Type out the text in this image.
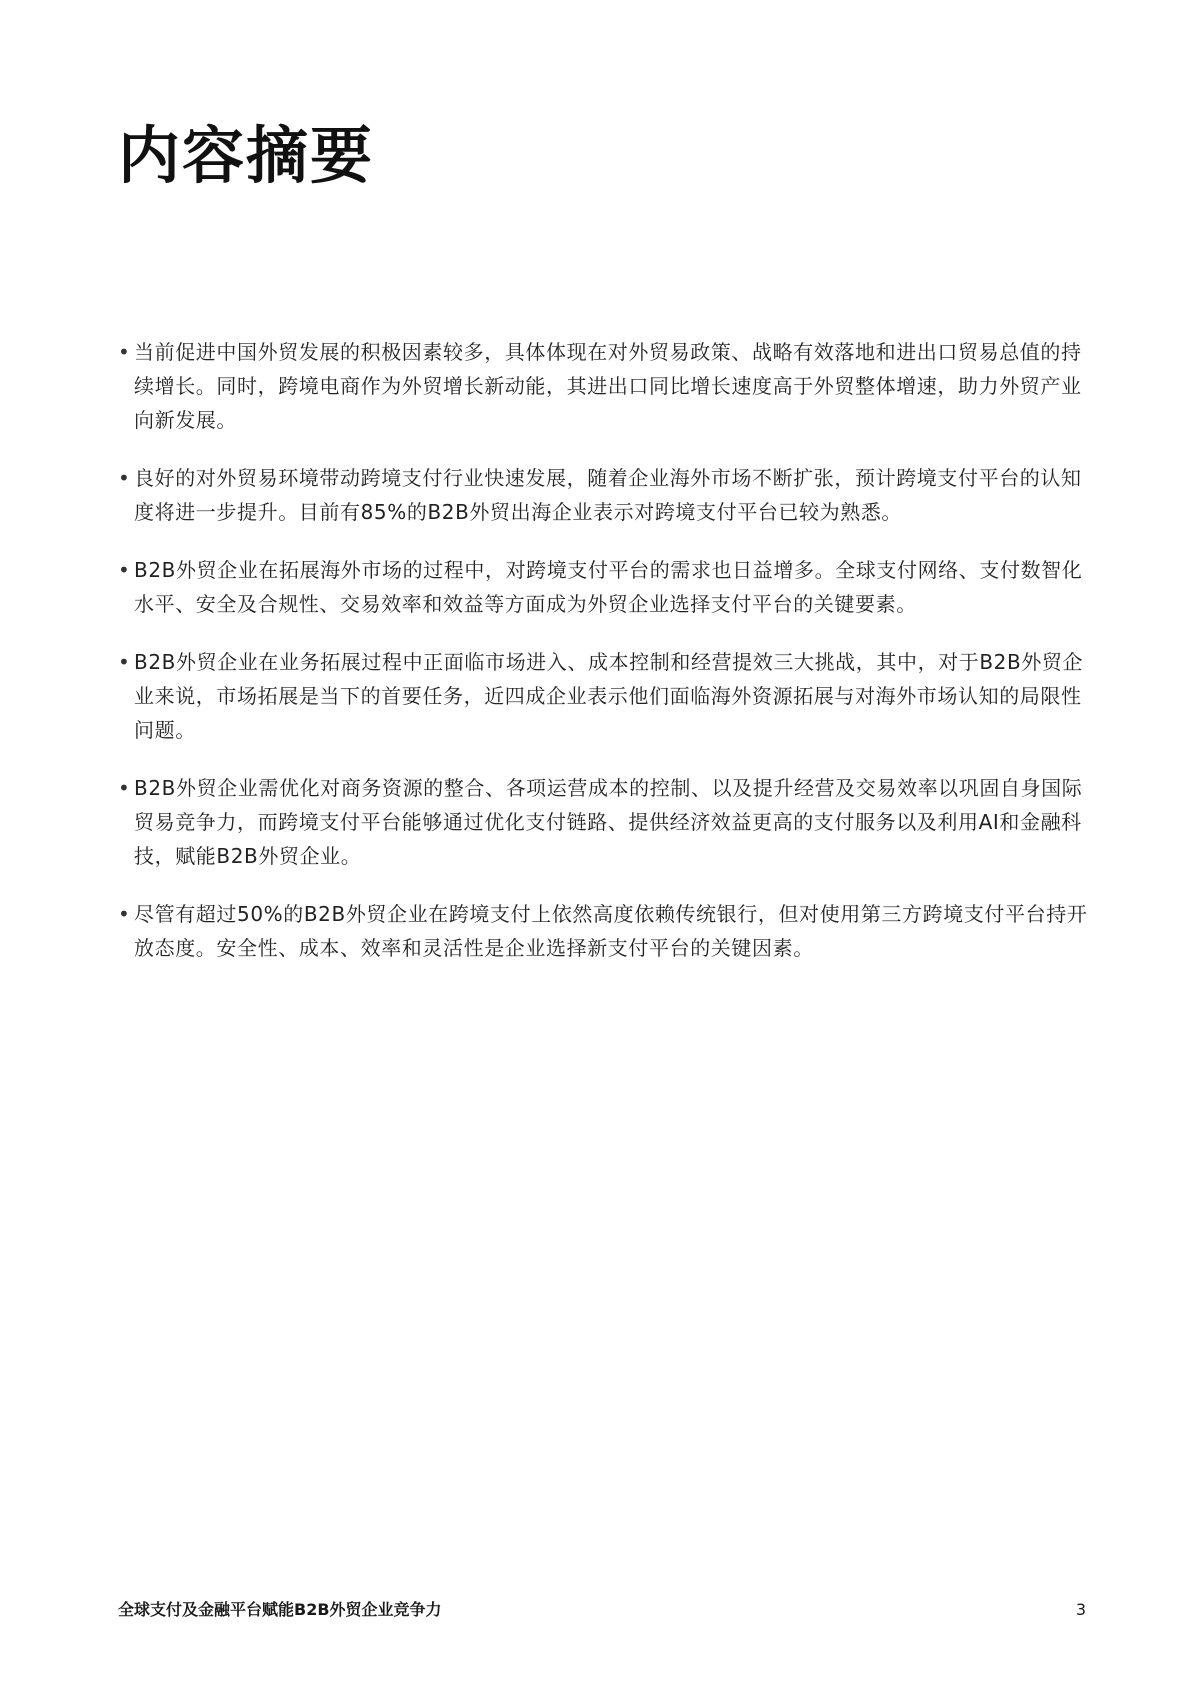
内容摘要
• 当前促进中国外贸发展的积极因素较多，具体体现在对外贸易政策、战略有效落地和进出口贸易总值的持续增长。同时，跨境电商作为外贸增长新动能，其进出口同比增长速度高于外贸整体增速，助力外贸产业向新发展。
• 良好的对外贸易环境带动跨境支付行业快速发展，随着企业海外市场不断扩张，预计跨境支付平台的认知度将进一步提升。目前有85%的B2B外贸出海企业表示对跨境支付平台已较为熟悉。
• B2B外贸企业在拓展海外市场的过程中，对跨境支付平台的需求也日益增多。全球支付网络、支付数智化水平、安全及合规性、交易效率和效益等方面成为外贸企业选择支付平台的关键要素。
• B2B外贸企业在业务拓展过程中正面临市场进入、成本控制和经营提效三大挑战，其中，对于B2B外贸企业来说，市场拓展是当下的首要任务，近四成企业表示他们面临海外资源拓展与对海外市场认知的局限性问题。
• B2B外贸企业需优化对商务资源的整合、各项运营成本的控制、以及提升经营及交易效率以巩固自身国际贸易竞争力，而跨境支付平台能够通过优化支付链路、提供经济效益更高的支付服务以及利用AI和金融科技，赋能B2B外贸企业。
• 尽管有超过50%的B2B外贸企业在跨境支付上依然高度依赖传统银行，但对使用第三方跨境支付平台持开放态度。安全性、成本、效率和灵活性是企业选择新支付平台的关键因素。
全球支付及金融平台赋能B2B外贸企业竞争力	3
